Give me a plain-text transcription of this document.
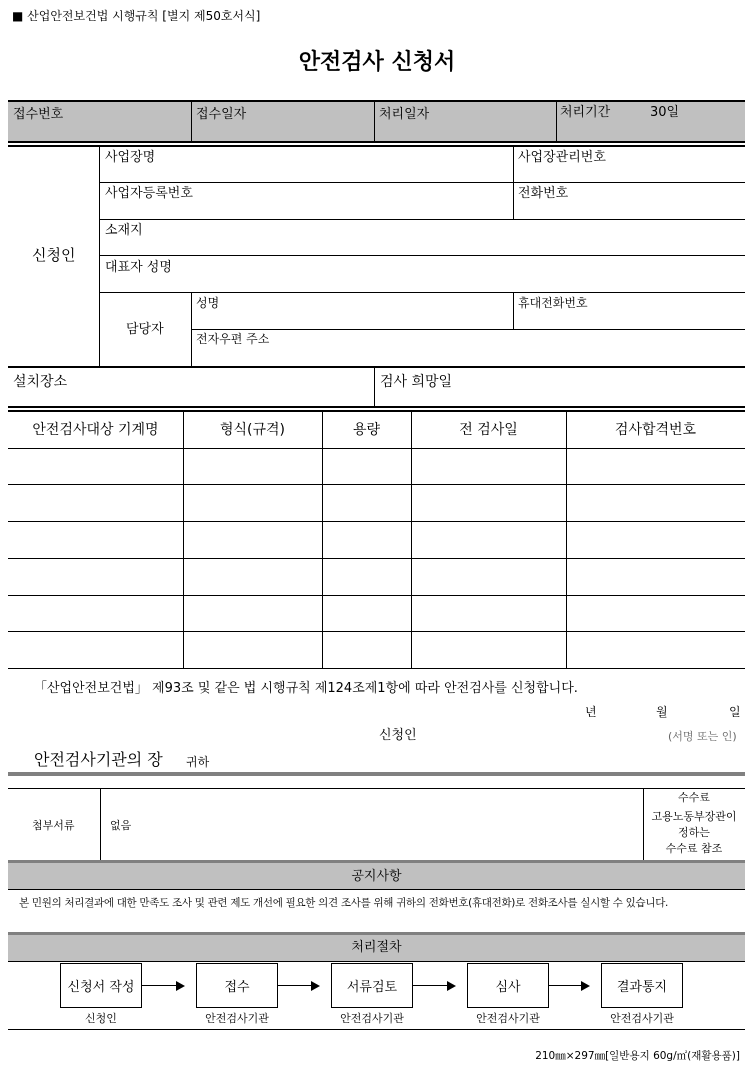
■ 산업안전보건법 시행규칙 [별지 제50호서식]
안전검사 신청서
접수번호	접수일자	처리일자	처리기간	30일
신청인
사업장명	사업장관리번호
사업자등록번호	전화번호
소재지
대표자 성명
담당자
성명	휴대전화번호
전자우편 주소
설치장소	검사 희망일
안전검사대상 기계명	형식(규격)	용량	전 검사일	검사합격번호
「산업안전보건법」 제93조 및 같은 법 시행규칙 제124조제1항에 따라 안전검사를 신청합니다.
년	월	일
신청인	(서명 또는 인)
안전검사기관의 장 귀하
첨부서류	없음
수수료
고용노동부장관이
정하는
수수료 참조
공지사항
본 민원의 처리결과에 대한 만족도 조사 및 관련 제도 개선에 필요한 의견 조사를 위해 귀하의 전화번호(휴대전화)로 전화조사를 실시할 수 있습니다.
처리절차
신청서 작성	접수	서류검토	심사	결과통지
신청인	안전검사기관	안전검사기관	안전검사기관	안전검사기관
210㎜×297㎜[일반용지 60g/㎡(재활용품)]
